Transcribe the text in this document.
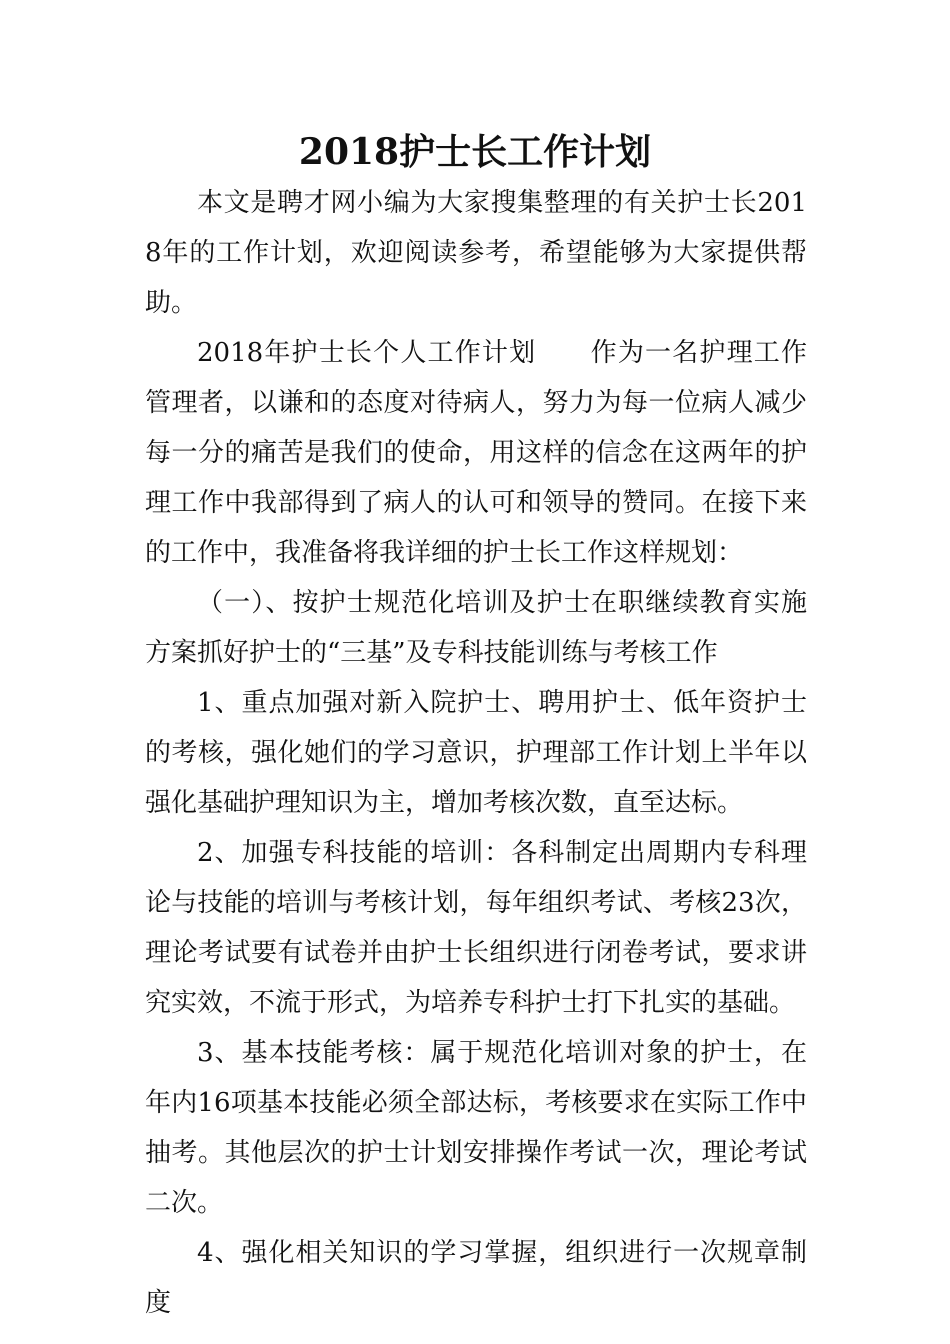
2018护士长工作计划

本文是聘才网小编为大家搜集整理的有关护士长2018年的工作计划，欢迎阅读参考，希望能够为大家提供帮助。

2018年护士长个人工作计划　　作为一名护理工作管理者，以谦和的态度对待病人，努力为每一位病人减少每一分的痛苦是我们的使命，用这样的信念在这两年的护理工作中我部得到了病人的认可和领导的赞同。在接下来的工作中，我准备将我详细的护士长工作这样规划：

（一）、按护士规范化培训及护士在职继续教育实施方案抓好护士的“三基”及专科技能训练与考核工作

1、重点加强对新入院护士、聘用护士、低年资护士的考核，强化她们的学习意识，护理部工作计划上半年以强化基础护理知识为主，增加考核次数，直至达标。

2、加强专科技能的培训：各科制定出周期内专科理论与技能的培训与考核计划，每年组织考试、考核23次，理论考试要有试卷并由护士长组织进行闭卷考试，要求讲究实效，不流于形式，为培养专科护士打下扎实的基础。

3、基本技能考核：属于规范化培训对象的护士，在年内16项基本技能必须全部达标，考核要求在实际工作中抽考。其他层次的护士计划安排操作考试一次，理论考试二次。

4、强化相关知识的学习掌握，组织进行一次规章制度
